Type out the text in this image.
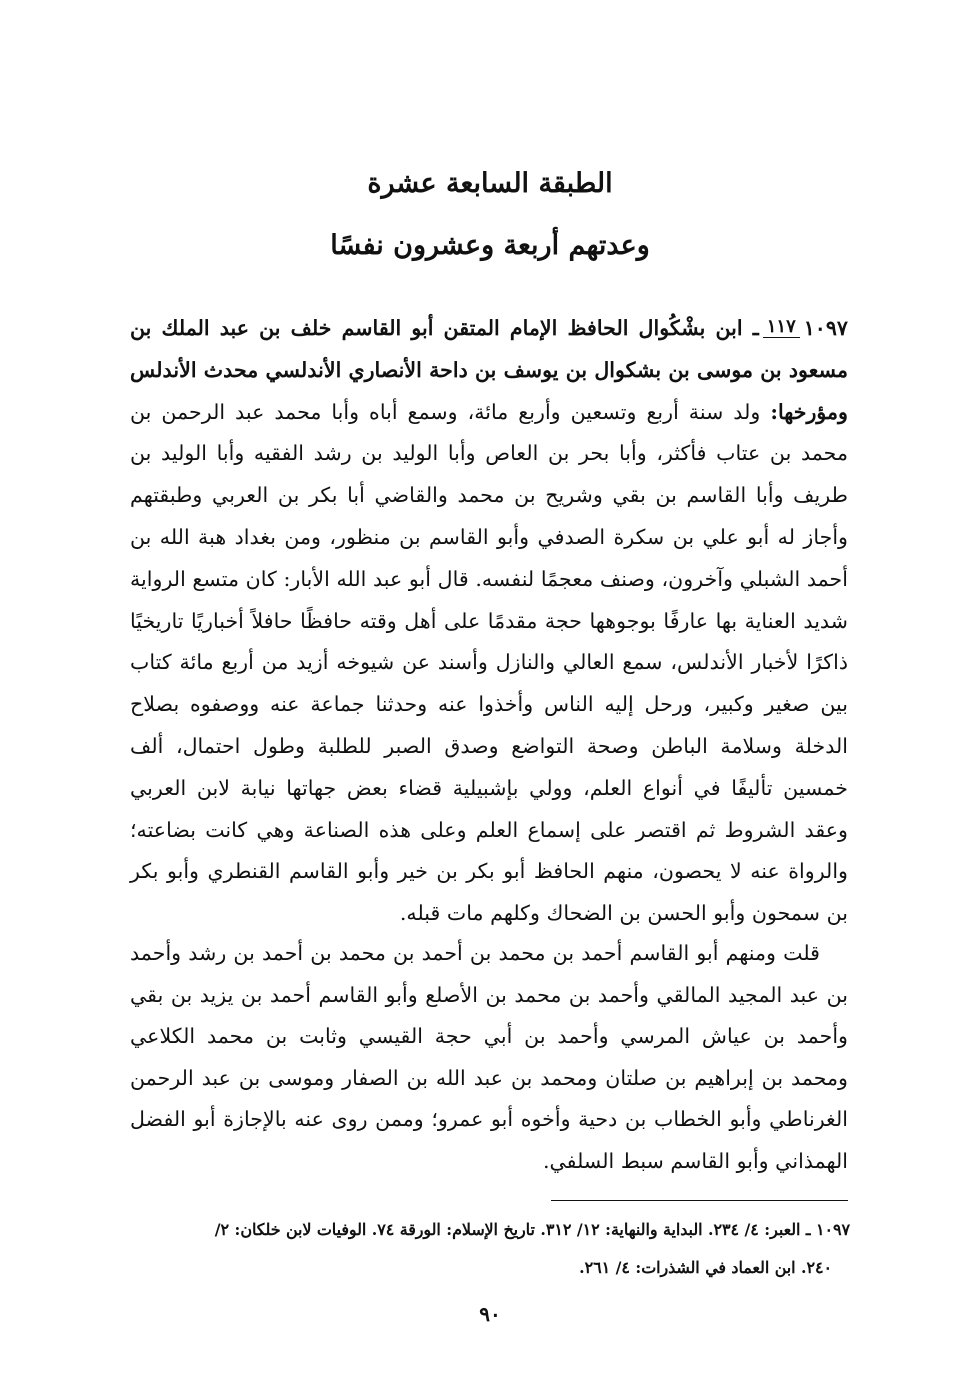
الطبقة السابعة عشرة
وعدتهم أربعة وعشرون نفسًا

١٠٩٧١١٧ـ ابن بشْكُوال الحافظ الإمام المتقن أبو القاسم خلف بن عبد الملك بن مسعود بن موسى بن بشكوال بن يوسف بن داحة الأنصاري الأندلسي محدث الأندلس ومؤرخها: ولد سنة أربع وتسعين وأربع مائة، وسمع أباه وأبا محمد عبد الرحمن بن محمد بن عتاب فأكثر، وأبا بحر بن العاص وأبا الوليد بن رشد الفقيه وأبا الوليد بن طريف وأبا القاسم بن بقي وشريح بن محمد والقاضي أبا بكر بن العربي وطبقتهم وأجاز له أبو علي بن سكرة الصدفي وأبو القاسم بن منظور، ومن بغداد هبة الله بن أحمد الشبلي وآخرون، وصنف معجمًا لنفسه. قال أبو عبد الله الأبار: كان متسع الرواية شديد العناية بها عارفًا بوجوهها حجة مقدمًا على أهل وقته حافظًا حافلاً أخباريًا تاريخيًا ذاكرًا لأخبار الأندلس، سمع العالي والنازل وأسند عن شيوخه أزيد من أربع مائة كتاب بين صغير وكبير، ورحل إليه الناس وأخذوا عنه وحدثنا جماعة عنه ووصفوه بصلاح الدخلة وسلامة الباطن وصحة التواضع وصدق الصبر للطلبة وطول احتمال، ألف خمسين تأليفًا في أنواع العلم، وولي بإشبيلية قضاء بعض جهاتها نيابة لابن العربي وعقد الشروط ثم اقتصر على إسماع العلم وعلى هذه الصناعة وهي كانت بضاعته؛ والرواة عنه لا يحصون، منهم الحافظ أبو بكر بن خير وأبو القاسم القنطري وأبو بكر بن سمحون وأبو الحسن بن الضحاك وكلهم مات قبله.

قلت ومنهم أبو القاسم أحمد بن محمد بن أحمد بن محمد بن أحمد بن رشد وأحمد بن عبد المجيد المالقي وأحمد بن محمد بن الأصلع وأبو القاسم أحمد بن يزيد بن بقي وأحمد بن عياش المرسي وأحمد بن أبي حجة القيسي وثابت بن محمد الكلاعي ومحمد بن إبراهيم بن صلتان ومحمد بن عبد الله بن الصفار وموسى بن عبد الرحمن الغرناطي وأبو الخطاب بن دحية وأخوه أبو عمرو؛ وممن روى عنه بالإجازة أبو الفضل الهمذاني وأبو القاسم سبط السلفي.

١٠٩٧ ـ العبر: ٤/ ٢٣٤. البداية والنهاية: ١٢/ ٣١٢. تاريخ الإسلام: الورقة ٧٤. الوفيات لابن خلكان: ٢/
٢٤٠. ابن العماد في الشذرات: ٤/ ٢٦١.
٩٠
